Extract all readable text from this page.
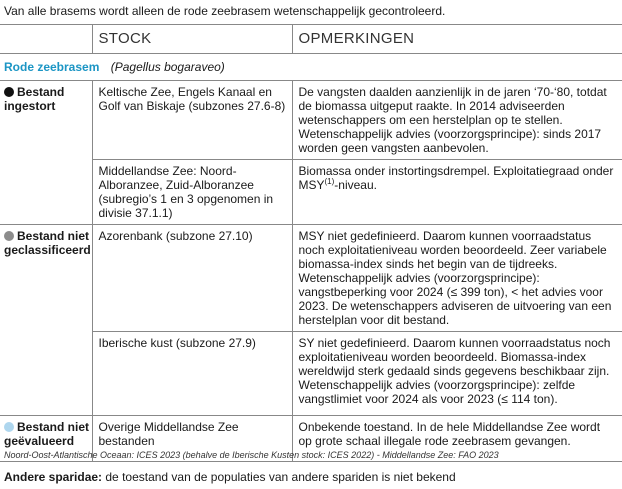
Van alle brasems wordt alleen de rode zeebrasem wetenschappelijk gecontroleerd.
	STOCK	OPMERKINGEN
Rode zeebrasem (Pagellus bogaraveo)		
Bestand
ingestort	Keltische Zee, Engels Kanaal en Golf van Biskaje (subzones 27.6-8)	De vangsten daalden aanzienlijk in de jaren ‘70-‘80, totdat de biomassa uitgeput raakte. In 2014 adviseerden wetenschappers om een herstelplan op te stellen. Wetenschappelijk advies (voorzorgsprincipe): sinds 2017 worden geen vangsten aanbevolen.
	Middellandse Zee: Noord-Alboranzee, Zuid-Alboranzee (subregio’s 1 en 3 opgenomen in divisie 37.1.1)	Biomassa onder instortingsdrempel. Exploitatiegraad onder MSY$^{(1)}$-niveau.
Bestand niet
geclassificeerd	Azorenbank (subzone 27.10)	MSY niet gedefinieerd. Daarom kunnen voorraadstatus noch exploitatieniveau worden beoordeeld. Zeer variabele biomassa-index sinds het begin van de tijdreeks. Wetenschappelijk advies (voorzorgsprincipe): vangstbeperking voor 2024 (≤ 399 ton), < het advies voor 2023. De wetenschappers adviseren de uitvoering van een herstelplan voor dit bestand.
	Iberische kust (subzone 27.9)	SY niet gedefinieerd. Daarom kunnen voorraadstatus noch exploitatieniveau worden beoordeeld. Biomassa-index wereldwijd sterk gedaald sinds gegevens beschikbaar zijn. Wetenschappelijk advies (voorzorgsprincipe): zelfde vangstlimiet voor 2024 als voor 2023 (≤ 114 ton).
Bestand niet
geëvalueerd	Overige Middellandse Zee bestanden	Onbekende toestand. In de hele Middellandse Zee wordt op grote schaal illegale rode zeebrasem gevangen.
Noord-Oost-Atlantische Oceaan: ICES 2023 (behalve de Iberische Kusten stock: ICES 2022) - Middellandse Zee: FAO 2023
Andere sparidae: de toestand van de populaties van andere spariden is niet bekend
